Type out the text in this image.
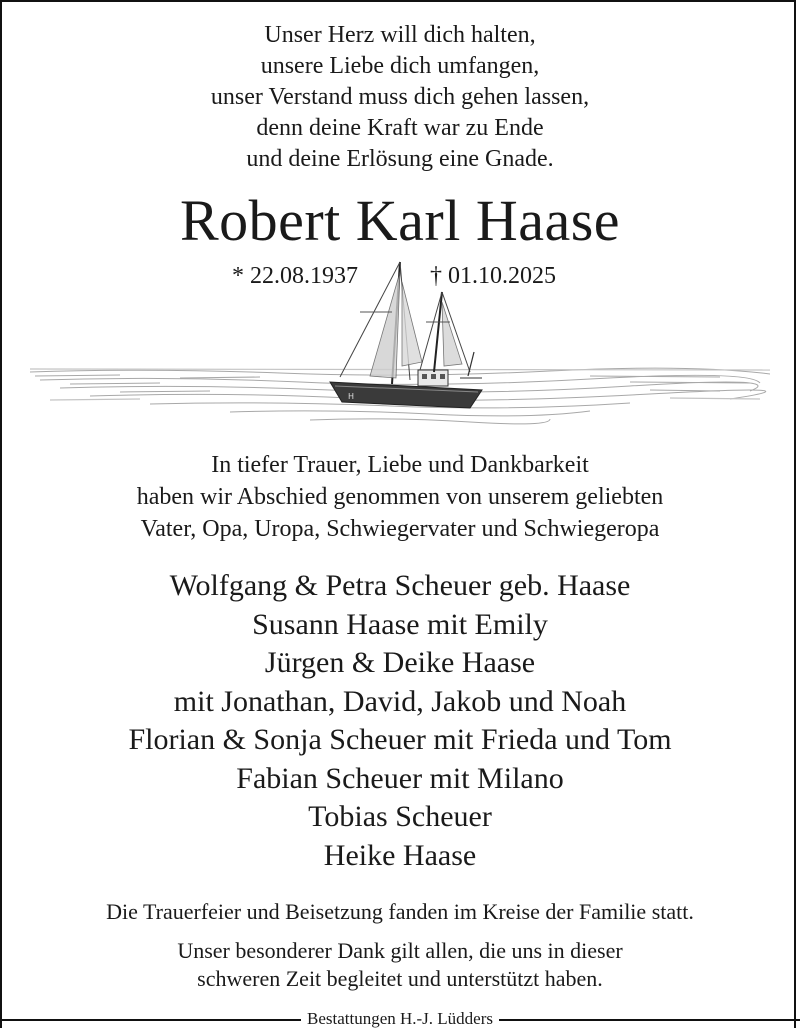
Unser Herz will dich halten,
unsere Liebe dich umfangen,
unser Verstand muss dich gehen lassen,
denn deine Kraft war zu Ende
und deine Erlösung eine Gnade.
Robert Karl Haase
H
* 22.08.1937	† 01.10.2025
In tiefer Trauer, Liebe und Dankbarkeit
haben wir Abschied genommen von unserem geliebten
Vater, Opa, Uropa, Schwiegervater und Schwiegeropa
Wolfgang & Petra Scheuer geb. Haase
Susann Haase mit Emily
Jürgen & Deike Haase
mit Jonathan, David, Jakob und Noah
Florian & Sonja Scheuer mit Frieda und Tom
Fabian Scheuer mit Milano
Tobias Scheuer
Heike Haase
Die Trauerfeier und Beisetzung fanden im Kreise der Familie statt.
Unser besonderer Dank gilt allen, die uns in dieser
schweren Zeit begleitet und unterstützt haben.
Bestattungen H.-J. Lüdders
